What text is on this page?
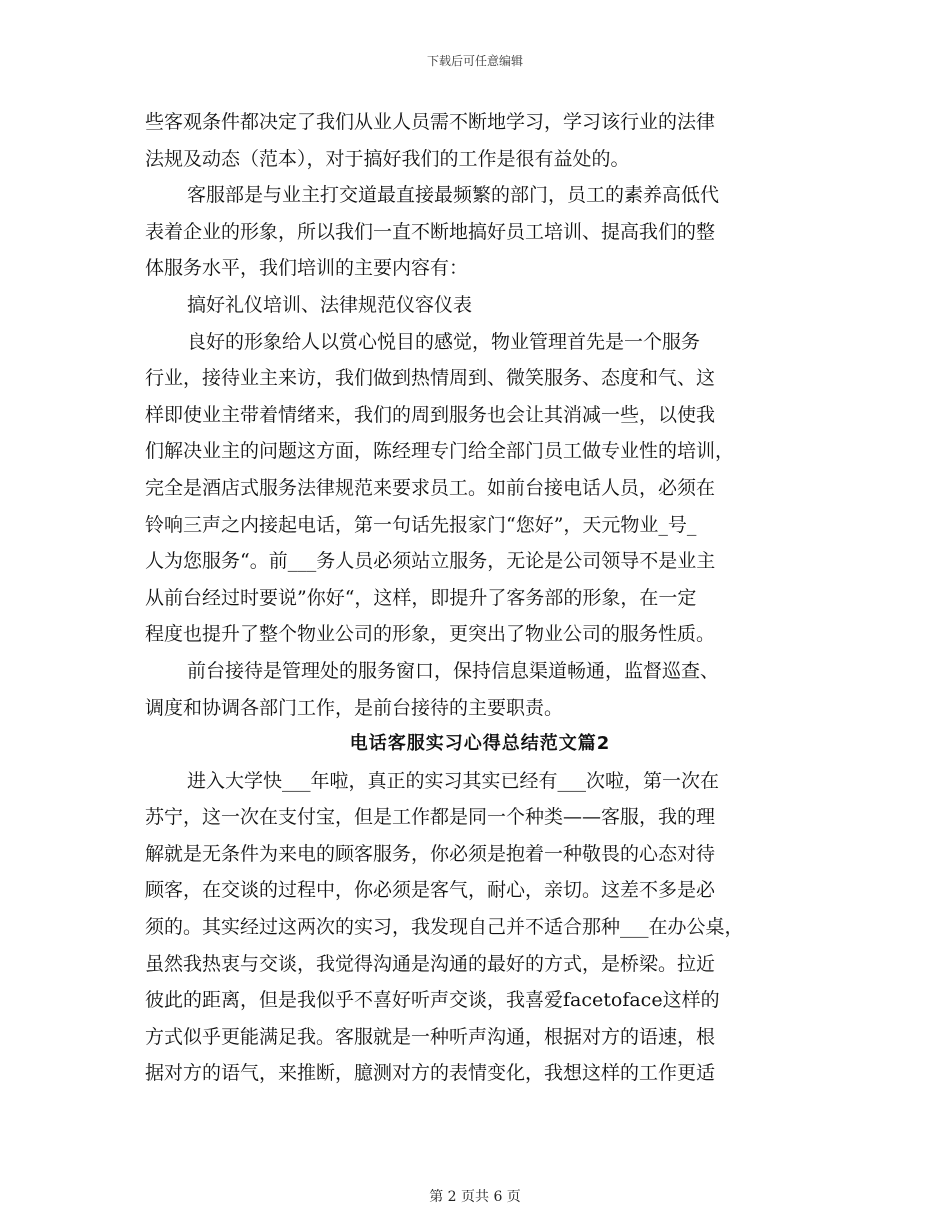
下载后可任意编辑
些客观条件都决定了我们从业人员需不断地学习，学习该行业的法律
法规及动态（范本），对于搞好我们的工作是很有益处的。
客服部是与业主打交道最直接最频繁的部门，员工的素养高低代
表着企业的形象，所以我们一直不断地搞好员工培训、提高我们的整
体服务水平，我们培训的主要内容有：
搞好礼仪培训、法律规范仪容仪表
良好的形象给人以赏心悦目的感觉，物业管理首先是一个服务
行业，接待业主来访，我们做到热情周到、微笑服务、态度和气、这
样即使业主带着情绪来，我们的周到服务也会让其消减一些，以使我
们解决业主的问题这方面，陈经理专门给全部门员工做专业性的培训，
完全是酒店式服务法律规范来要求员工。如前台接电话人员，必须在
铃响三声之内接起电话，第一句话先报家门“您好”，天元物业_号_
人为您服务“。前___务人员必须站立服务，无论是公司领导不是业主
从前台经过时要说”你好“，这样，即提升了客务部的形象，在一定
程度也提升了整个物业公司的形象，更突出了物业公司的服务性质。
前台接待是管理处的服务窗口，保持信息渠道畅通，监督巡查、
调度和协调各部门工作，是前台接待的主要职责。
电话客服实习心得总结范文篇2
进入大学快___年啦，真正的实习其实已经有___次啦，第一次在
苏宁，这一次在支付宝，但是工作都是同一个种类——客服，我的理
解就是无条件为来电的顾客服务，你必须是抱着一种敬畏的心态对待
顾客，在交谈的过程中，你必须是客气，耐心，亲切。这差不多是必
须的。其实经过这两次的实习，我发现自己并不适合那种___在办公桌，
虽然我热衷与交谈，我觉得沟通是沟通的最好的方式，是桥梁。拉近
彼此的距离，但是我似乎不喜好听声交谈，我喜爱facetoface这样的
方式似乎更能满足我。客服就是一种听声沟通，根据对方的语速，根
据对方的语气，来推断，臆测对方的表情变化，我想这样的工作更适
第 2 页共 6 页
